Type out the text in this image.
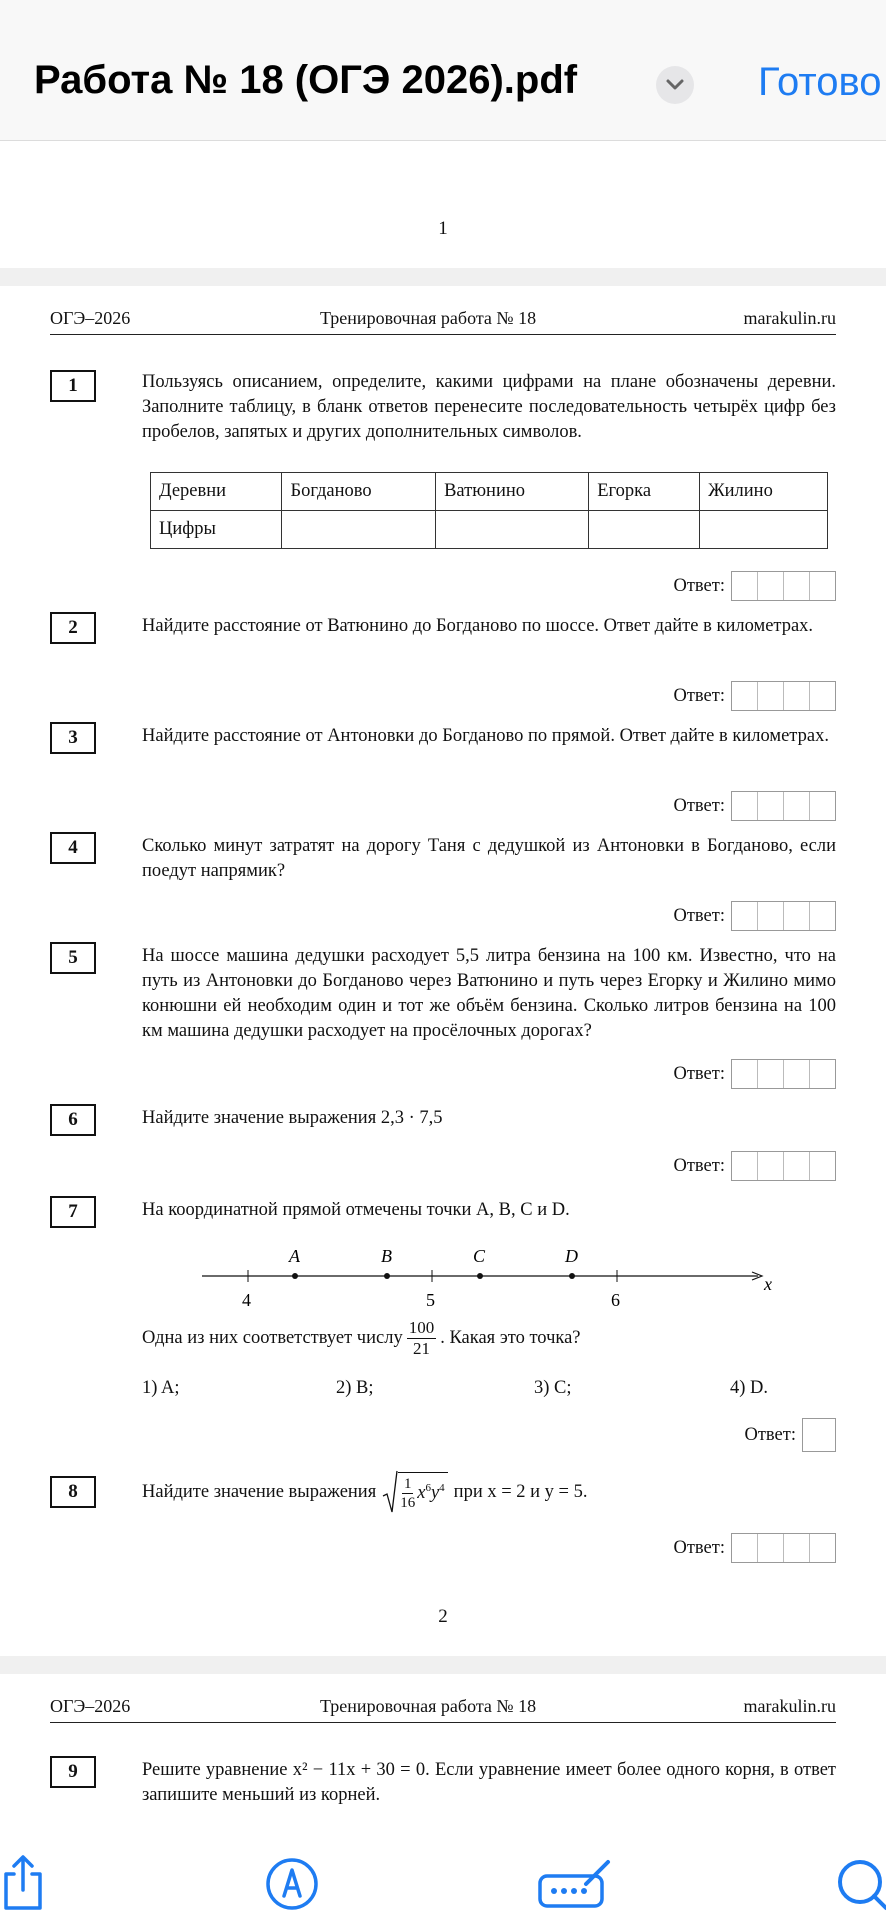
Работа № 18 (ОГЭ 2026).pdf	Готово
1
ОГЭ–2026	Тренировочная работа № 18	marakulin.ru
1	Пользуясь описанием, определите, какими цифрами на плане обозначены деревни. Заполните таблицу, в бланк ответов перенесите последовательность четырёх цифр без пробелов, запятых и других дополнительных символов.
Деревни	Богданово	Ватюнино	Егорка	Жилино
Цифры				
Ответ:
2	Найдите расстояние от Ватюнино до Богданово по шоссе. Ответ дайте в километрах.
Ответ:
3	Найдите расстояние от Антоновки до Богданово по прямой. Ответ дайте в километрах.
Ответ:
4	Сколько минут затратят на дорогу Таня с дедушкой из Антоновки в Богданово, если поедут напрямик?
Ответ:
5	На шоссе машина дедушки расходует 5,5 литра бензина на 100 км. Известно, что на путь из Антоновки до Богданово через Ватюнино и путь через Егорку и Жилино мимо конюшни ей необходим один и тот же объём бензина. Сколько литров бензина на 100 км машина дедушки расходует на просёлочных дорогах?
Ответ:
6	Найдите значение выражения 2,3 · 7,5
Ответ:
7	На координатной прямой отмечены точки A, B, C и D.
x
4	5	6
A	B	C	D
Одна из них соответствует числу $\frac{100}{21}$ . Какая это точка?
1) A;	2) B;	3) C;	4) D.
Ответ:
8	Найдите значение выражения $\frac{1}{16} x^6y^4$ при x = 2 и y = 5.
Ответ:
2
ОГЭ–2026	Тренировочная работа № 18	marakulin.ru
9	Решите уравнение x² − 11x + 30 = 0. Если уравнение имеет более одного корня, в ответ запишите меньший из корней.
